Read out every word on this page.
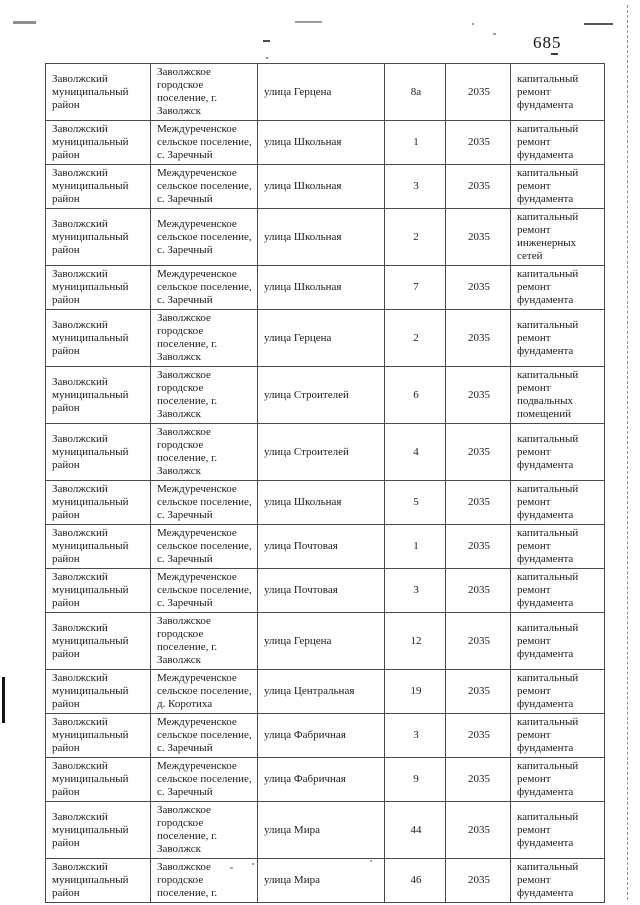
685
Заволжский муниципальный район	Заволжское городское поселение, г. Заволжск	улица Герцена	8а	2035	капитальный ремонт фундамента
Заволжский муниципальный район	Междуреченское сельское поселение, с. Заречный	улица Школьная	1	2035	капитальный ремонт фундамента
Заволжский муниципальный район	Междуреченское сельское поселение, с. Заречный	улица Школьная	3	2035	капитальный ремонт фундамента
Заволжский муниципальный район	Междуреченское сельское поселение, с. Заречный	улица Школьная	2	2035	капитальный ремонт инженерных сетей
Заволжский муниципальный район	Междуреченское сельское поселение, с. Заречный	улица Школьная	7	2035	капитальный ремонт фундамента
Заволжский муниципальный район	Заволжское городское поселение, г. Заволжск	улица Герцена	2	2035	капитальный ремонт фундамента
Заволжский муниципальный район	Заволжское городское поселение, г. Заволжск	улица Строителей	6	2035	капитальный ремонт подвальных помещений
Заволжский муниципальный район	Заволжское городское поселение, г. Заволжск	улица Строителей	4	2035	капитальный ремонт фундамента
Заволжский муниципальный район	Междуреченское сельское поселение, с. Заречный	улица Школьная	5	2035	капитальный ремонт фундамента
Заволжский муниципальный район	Междуреченское сельское поселение, с. Заречный	улица Почтовая	1	2035	капитальный ремонт фундамента
Заволжский муниципальный район	Междуреченское сельское поселение, с. Заречный	улица Почтовая	3	2035	капитальный ремонт фундамента
Заволжский муниципальный район	Заволжское городское поселение, г. Заволжск	улица Герцена	12	2035	капитальный ремонт фундамента
Заволжский муниципальный район	Междуреченское сельское поселение, д. Коротиха	улица Центральная	19	2035	капитальный ремонт фундамента
Заволжский муниципальный район	Междуреченское сельское поселение, с. Заречный	улица Фабричная	3	2035	капитальный ремонт фундамента
Заволжский муниципальный район	Междуреченское сельское поселение, с. Заречный	улица Фабричная	9	2035	капитальный ремонт фундамента
Заволжский муниципальный район	Заволжское городское поселение, г. Заволжск	улица Мира	44	2035	капитальный ремонт фундамента
Заволжский муниципальный район	Заволжское городское поселение, г.	улица Мира	46	2035	капитальный ремонт фундамента
